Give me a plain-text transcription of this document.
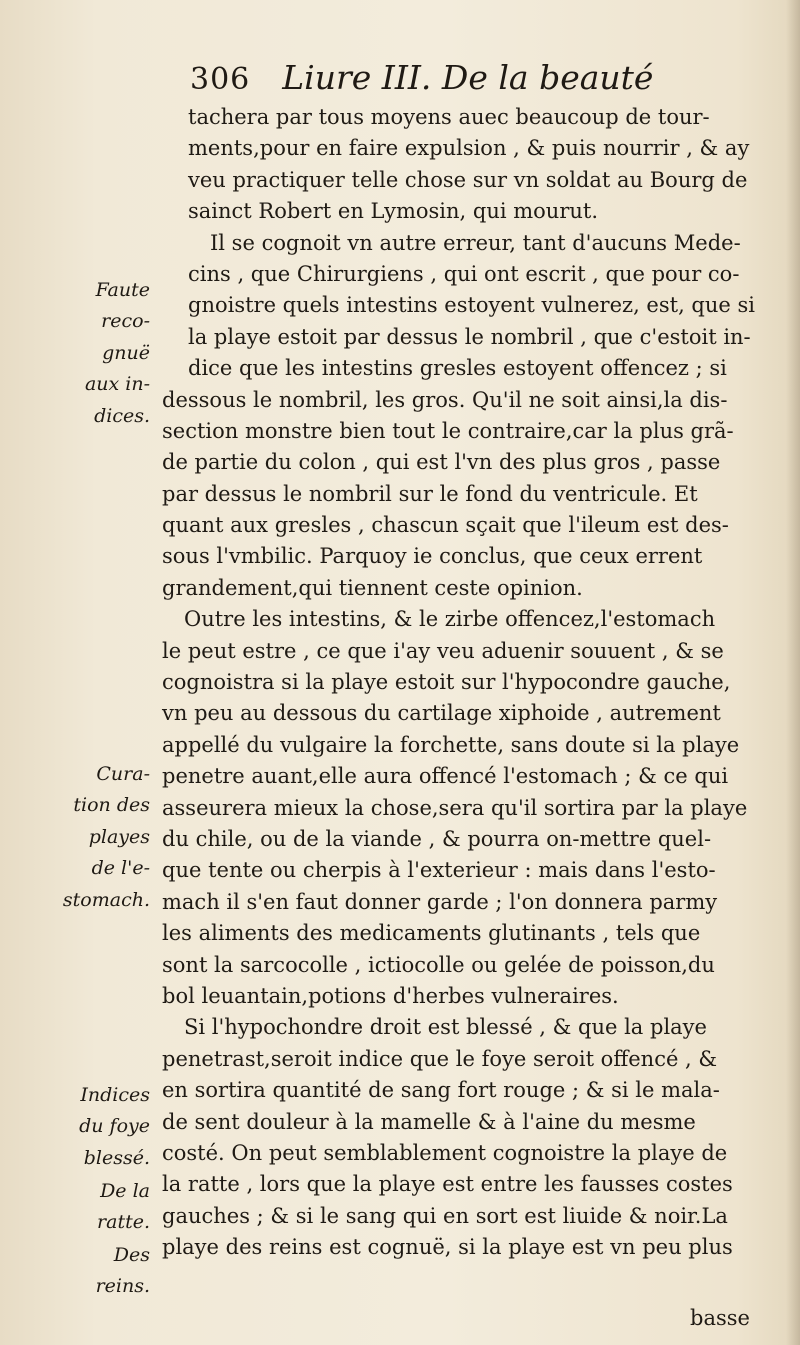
306 Liure III. De la beauté
tachera par tous moyens auec beaucoup de tour-
ments,pour en faire expulsion , & puis nourrir , & ay
veu practiquer telle chose sur vn soldat au Bourg de
sainct Robert en Lymosin, qui mourut.
Il se cognoit vn autre erreur, tant d'aucuns Mede-
cins , que Chirurgiens , qui ont escrit , que pour co-
gnoistre quels intestins estoyent vulnerez, est, que si
la playe estoit par dessus le nombril , que c'estoit in-
dice que les intestins gresles estoyent offencez ; si
dessous le nombril, les gros. Qu'il ne soit ainsi,la dis-
section monstre bien tout le contraire,car la plus grã-
de partie du colon , qui est l'vn des plus gros , passe
par dessus le nombril sur le fond du ventricule. Et
quant aux gresles , chascun sçait que l'ileum est des-
sous l'vmbilic. Parquoy ie conclus, que ceux errent
grandement,qui tiennent ceste opinion.
Outre les intestins, & le zirbe offencez,l'estomach
le peut estre , ce que i'ay veu aduenir souuent , & se
cognoistra si la playe estoit sur l'hypocondre gauche,
vn peu au dessous du cartilage xiphoide , autrement
appellé du vulgaire la forchette, sans doute si la playe
penetre auant,elle aura offencé l'estomach ; & ce qui
asseurera mieux la chose,sera qu'il sortira par la playe
du chile, ou de la viande , & pourra on-mettre quel-
que tente ou cherpis à l'exterieur : mais dans l'esto-
mach il s'en faut donner garde ; l'on donnera parmy
les aliments des medicaments glutinants , tels que
sont la sarcocolle , ictiocolle ou gelée de poisson,du
bol leuantain,potions d'herbes vulneraires.
Si l'hypochondre droit est blessé , & que la playe
penetrast,seroit indice que le foye seroit offencé , &
en sortira quantité de sang fort rouge ; & si le mala-
de sent douleur à la mamelle & à l'aine du mesme
costé. On peut semblablement cognoistre la playe de
la ratte , lors que la playe est entre les fausses costes
gauches ; & si le sang qui en sort est liuide & noir.La
playe des reins est cognuë, si la playe est vn peu plus
Faute
reco-
gnuë
aux in-
dices.
Cura-
tion des
playes
de l'e-
stomach.
Indices
du foye
blessé.
De la
ratte.
Des
reins.
basse
